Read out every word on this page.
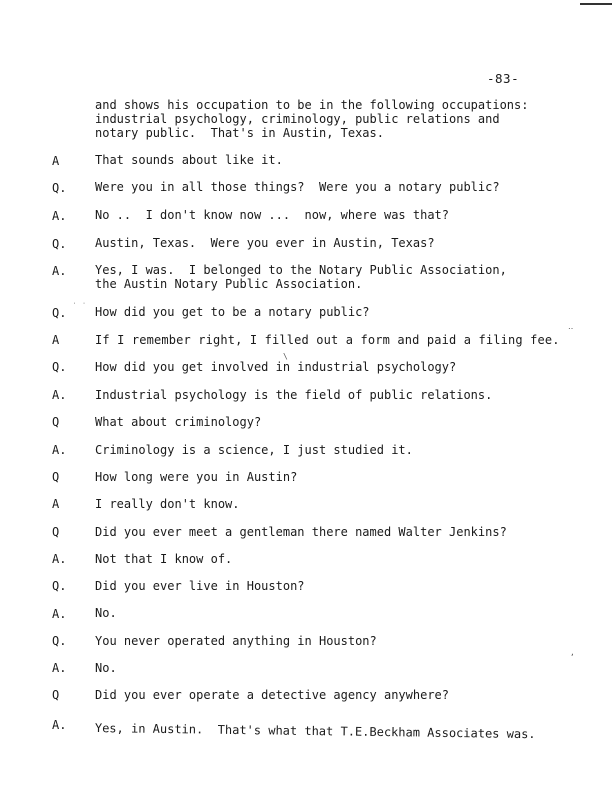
-83-
and shows his occupation to be in the following occupations:
industrial psychology, criminology, public relations and
notary public.  That's in Austin, Texas.
A	That sounds about like it.
Q. Were you in all those things?  Were you a notary public?
A. No ..  I don't know now ...  now, where was that?
Q. Austin, Texas.  Were you ever in Austin, Texas?
A. Yes, I was.  I belonged to the Notary Public Association,
the Austin Notary Public Association.
Q. ˙ ˙ How did you get to be a notary public?
A	If I remember right, I filled out a form and paid a filing fee.
‥
Q.
\
How did you get involved in industrial psychology?
A. Industrial psychology is the field of public relations.
Q	What about criminology?
A. Criminology is a science, I just studied it.
Q	How long were you in Austin?
A	I really don't know.
Q	Did you ever meet a gentleman there named Walter Jenkins?
A. Not that I know of.
Q. Did you ever live in Houston?
A. No.
Q. You never operated anything in Houston?
,
A. No.
Q	Did you ever operate a detective agency anywhere?
A. Yes, in Austin.  That's what that T.E.Beckham Associates was.
